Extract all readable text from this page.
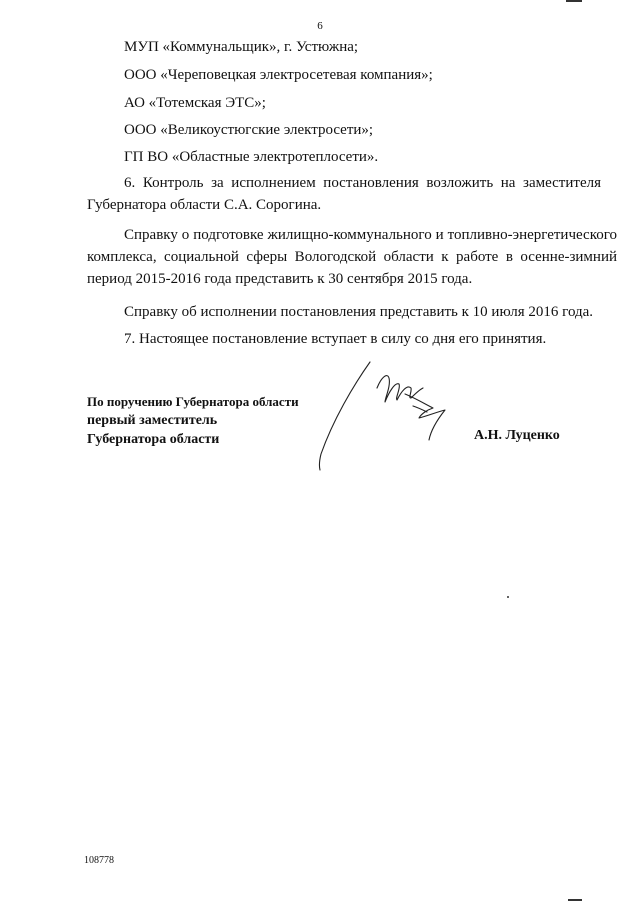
6
МУП «Коммунальщик», г. Устюжна;
ООО «Череповецкая электросетевая компания»;
АО «Тотемская ЭТС»;
ООО «Великоустюгские электросети»;
ГП ВО «Областные электротеплосети».
6. Контроль за исполнением постановления возложить на заместителя Губернатора области С.А. Сорогина.
Справку о подготовке жилищно-коммунального и топливно-энергетического комплекса, социальной сферы Вологодской области к работе в осенне-зимний период 2015-2016 года представить к 30 сентября 2015 года.
Справку об исполнении постановления представить к 10 июля 2016 года.
7. Настоящее постановление вступает в силу со дня его принятия.
По поручению Губернатора области
первый заместитель
Губернатора области	А.Н. Луценко
108778
